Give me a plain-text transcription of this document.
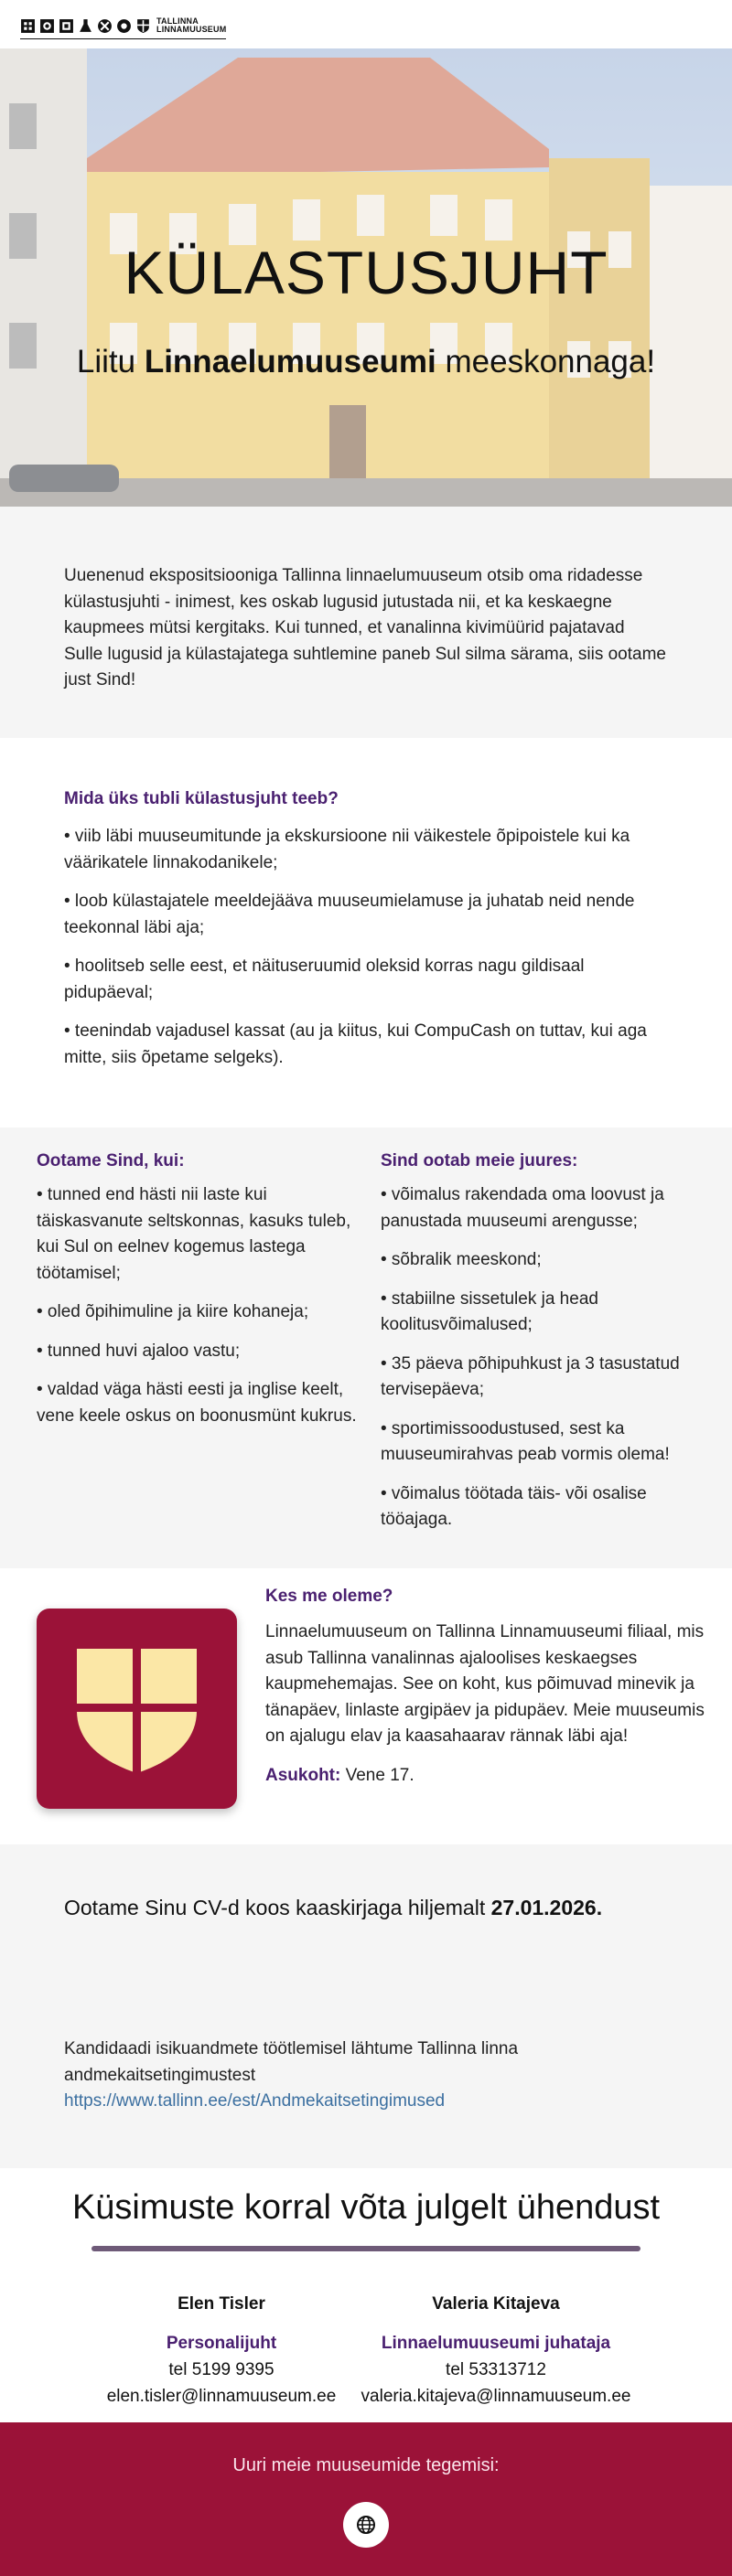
TALLINNA
LINNAMUUSEUM
KÜLASTUSJUHT

Liitu Linnaelumuuseumi meeskonnaga!

Uuenenud ekspositsiooniga Tallinna linnaelumuuseum otsib oma ridadesse külastusjuhti - inimest, kes oskab lugusid jutustada nii, et ka keskaegne kaupmees mütsi kergitaks. Kui tunned, et vanalinna kivimüürid pajatavad Sulle lugusid ja külastajatega suhtlemine paneb Sul silma särama, siis ootame just Sind!
Mida üks tubli külastusjuht teeb?

• viib läbi muuseumitunde ja ekskursioone nii väikestele õpipoistele kui ka väärikatele linnakodanikele;

• loob külastajatele meeldejääva muuseumielamuse ja juhatab neid nende teekonnal läbi aja;

• hoolitseb selle eest, et näituseruumid oleksid korras nagu gildisaal pidupäeval;

• teenindab vajadusel kassat (au ja kiitus, kui CompuCash on tuttav, kui aga mitte, siis õpetame selgeks).

Ootame Sind, kui:

• tunned end hästi nii laste kui täiskasvanute seltskonnas, kasuks tuleb, kui Sul on eelnev kogemus lastega töötamisel;

• oled õpihimuline ja kiire kohaneja;

• tunned huvi ajaloo vastu;

• valdad väga hästi eesti ja inglise keelt, vene keele oskus on boonusmünt kukrus.

Sind ootab meie juures:

• võimalus rakendada oma loovust ja panustada muuseumi arengusse;

• sõbralik meeskond;

• stabiilne sissetulek ja head koolitusvõimalused;

• 35 päeva põhipuhkust ja 3 tasustatud tervisepäeva;

• sportimissoodustused, sest ka muuseumirahvas peab vormis olema!

• võimalus töötada täis- või osalise tööajaga.

Kes me oleme?

Linnaelumuuseum on Tallinna Linnamuuseumi filiaal, mis asub Tallinna vanalinnas ajaloolises keskaegses kaupmehemajas. See on koht, kus põimuvad minevik ja tänapäev, linlaste argipäev ja pidupäev. Meie muuseumis on ajalugu elav ja kaasahaarav rännak läbi aja!

Asukoht: Vene 17.

Ootame Sinu CV-d koos kaaskirjaga hiljemalt 27.01.2026.

Kandidaadi isikuandmete töötlemisel lähtume Tallinna linna andmekaitsetingimustest
https://www.tallinn.ee/est/Andmekaitsetingimused
Küsimuste korral võta julgelt ühendust
Elen Tisler
Personalijuht
tel 5199 9395
elen.tisler@linnamuuseum.ee
Valeria Kitajeva
Linnaelumuuseumi juhataja
tel 53313712
valeria.kitajeva@linnamuuseum.ee
Uuri meie muuseumide tegemisi:
